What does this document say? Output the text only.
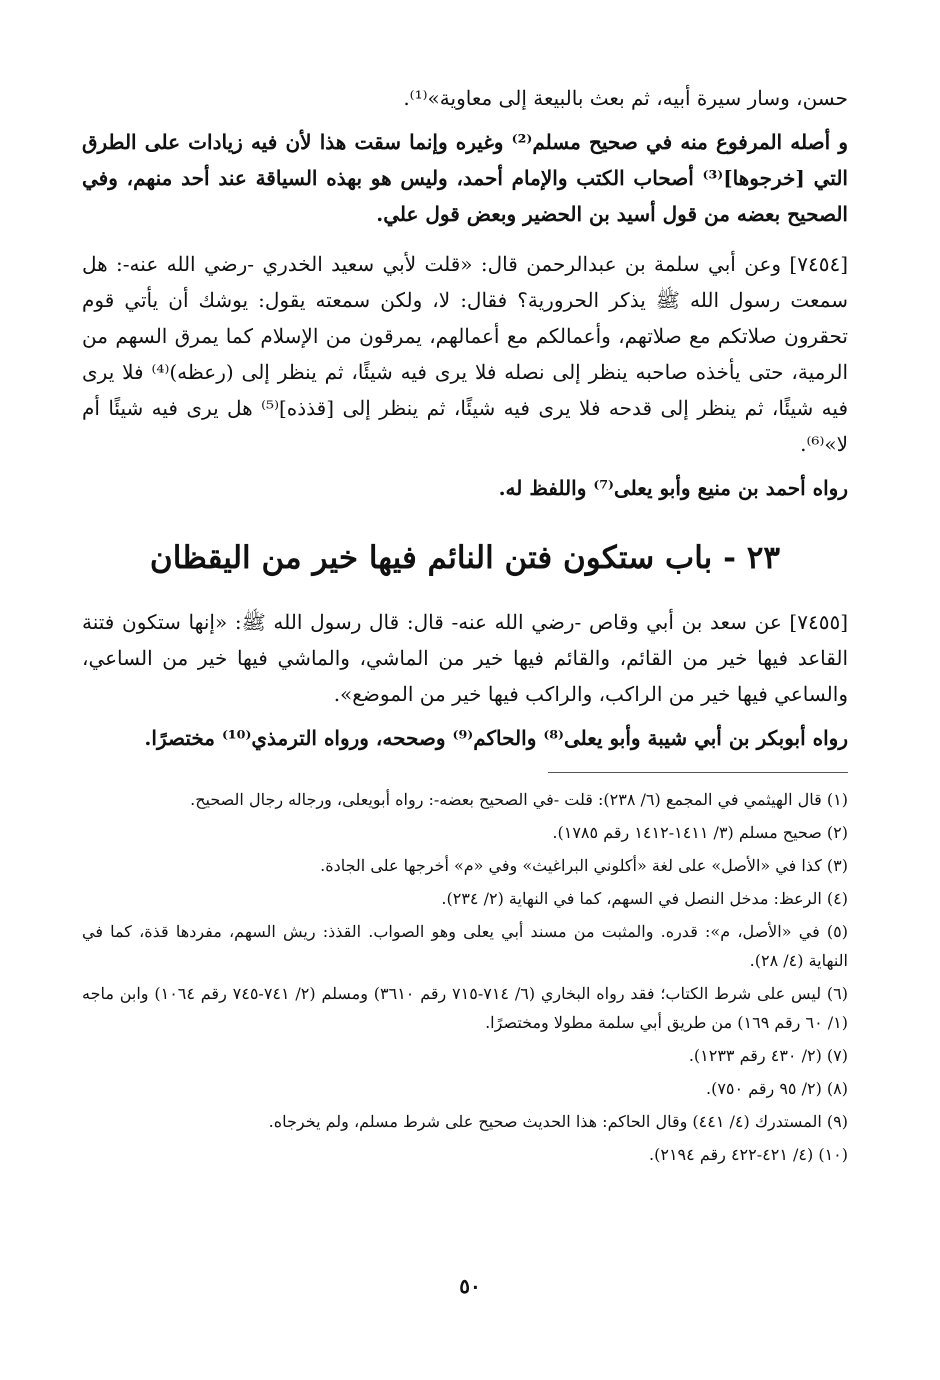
حسن، وسار سيرة أبيه، ثم بعث بالبيعة إلى معاوية»⁽¹⁾.

و أصله المرفوع منه في صحيح مسلم⁽²⁾ وغيره وإنما سقت هذا لأن فيه زيادات على الطرق التي [خرجوها]⁽³⁾ أصحاب الكتب والإمام أحمد، وليس هو بهذه السياقة عند أحد منهم، وفي الصحيح بعضه من قول أسيد بن الحضير وبعض قول علي.

[٧٤٥٤] وعن أبي سلمة بن عبدالرحمن قال: «قلت لأبي سعيد الخدري -رضي الله عنه-: هل سمعت رسول الله ﷺ يذكر الحرورية؟ فقال: لا، ولكن سمعته يقول: يوشك أن يأتي قوم تحقرون صلاتكم مع صلاتهم، وأعمالكم مع أعمالهم، يمرقون من الإسلام كما يمرق السهم من الرمية، حتى يأخذه صاحبه ينظر إلى نصله فلا يرى فيه شيئًا، ثم ينظر إلى (رعظه)⁽⁴⁾ فلا يرى فيه شيئًا، ثم ينظر إلى قدحه فلا يرى فيه شيئًا، ثم ينظر إلى [قذذه]⁽⁵⁾ هل يرى فيه شيئًا أم لا»⁽⁶⁾.

رواه أحمد بن منيع وأبو يعلى⁽⁷⁾ واللفظ له.

٢٣ - باب ستكون فتن النائم فيها خير من اليقظان

[٧٤٥٥] عن سعد بن أبي وقاص -رضي الله عنه- قال: قال رسول الله ﷺ: «إنها ستكون فتنة القاعد فيها خير من القائم، والقائم فيها خير من الماشي، والماشي فيها خير من الساعي، والساعي فيها خير من الراكب، والراكب فيها خير من الموضع».

رواه أبوبكر بن أبي شيبة وأبو يعلى⁽⁸⁾ والحاكم⁽⁹⁾ وصححه، ورواه الترمذي⁽¹⁰⁾ مختصرًا.

(١) قال الهيثمي في المجمع (٦/ ٢٣٨): قلت -في الصحيح بعضه-: رواه أبويعلى، ورجاله رجال الصحيح.

(٢) صحيح مسلم (٣/ ١٤١١-١٤١٢ رقم ١٧٨٥).

(٣) كذا في «الأصل» على لغة «أكلوني البراغيث» وفي «م» أخرجها على الجادة.

(٤) الرعظ: مدخل النصل في السهم، كما في النهاية (٢/ ٢٣٤).

(٥) في «الأصل، م»: قدره. والمثبت من مسند أبي يعلى وهو الصواب. القذذ: ريش السهم، مفردها قذة، كما في النهاية (٤/ ٢٨).

(٦) ليس على شرط الكتاب؛ فقد رواه البخاري (٦/ ٧١٤-٧١٥ رقم ٣٦١٠) ومسلم (٢/ ٧٤١-٧٤٥ رقم ١٠٦٤) وابن ماجه (١/ ٦٠ رقم ١٦٩) من طريق أبي سلمة مطولا ومختصرًا.

(٧) (٢/ ٤٣٠ رقم ١٢٣٣).

(٨) (٢/ ٩٥ رقم ٧٥٠).

(٩) المستدرك (٤/ ٤٤١) وقال الحاكم: هذا الحديث صحيح على شرط مسلم، ولم يخرجاه.

(١٠) (٤/ ٤٢١-٤٢٢ رقم ٢١٩٤).

٥٠
